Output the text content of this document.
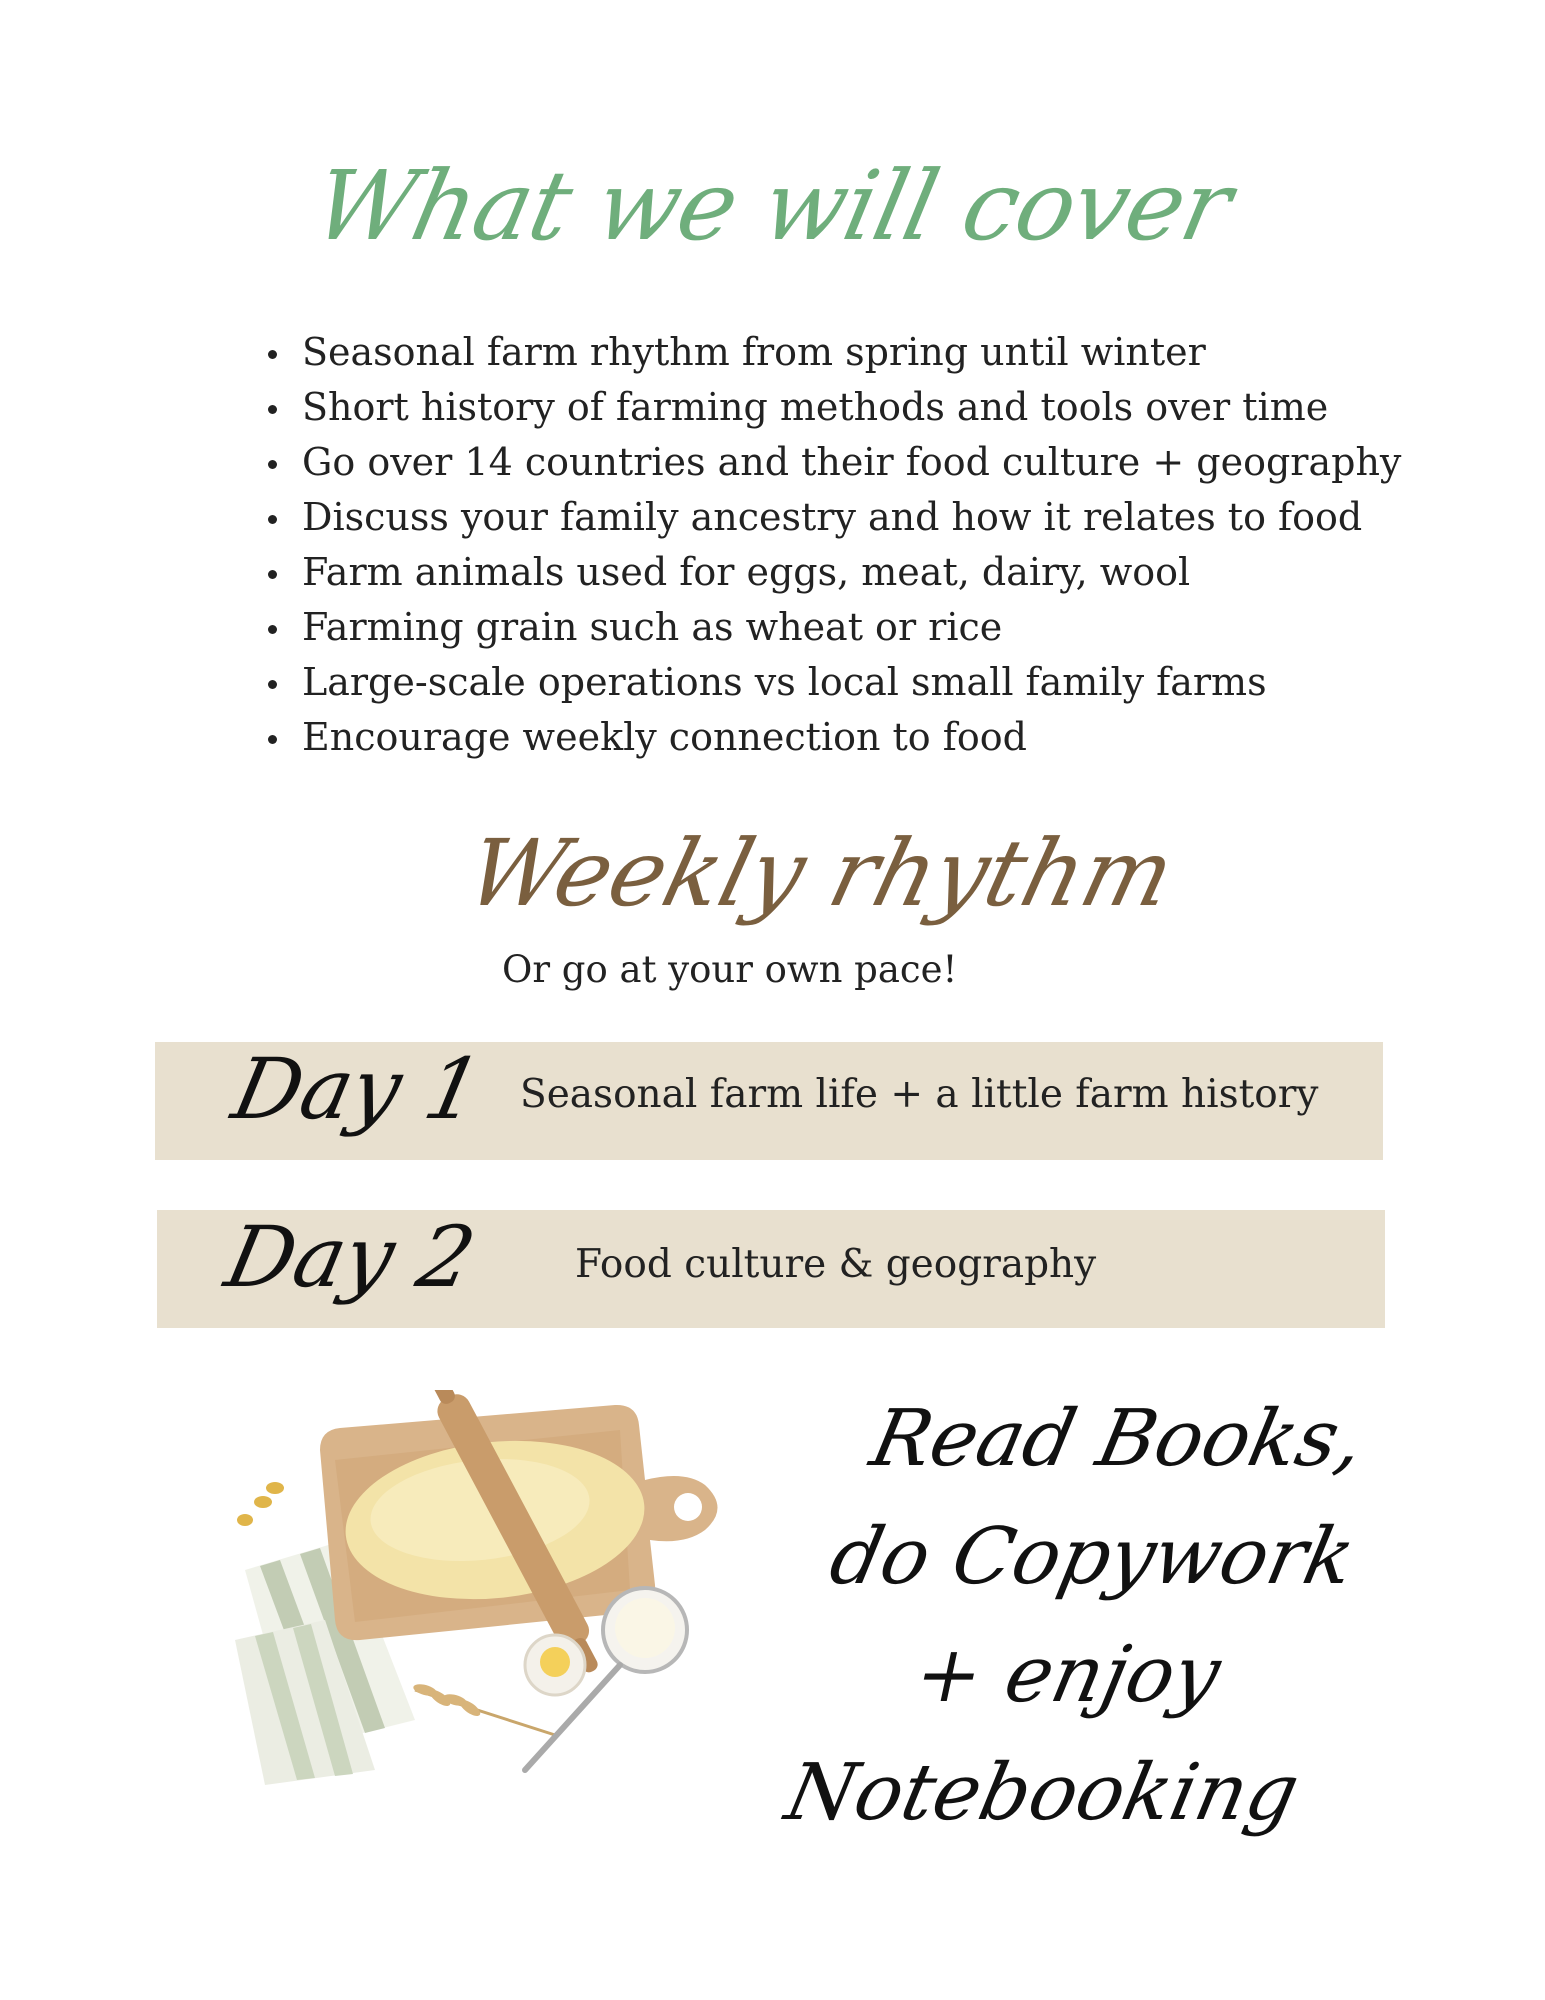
What we will cover
Seasonal farm rhythm from spring until winter
Short history of farming methods and tools over time
Go over 14 countries and their food culture + geography
Discuss your family ancestry and how it relates to food
Farm animals used for eggs, meat, dairy, wool
Farming grain such as wheat or rice
Large-scale operations vs local small family farms
Encourage weekly connection to food
Weekly rhythm
Or go at your own pace!
Day 1 Seasonal farm life + a little farm history
Day 2 Food culture & geography
Read Books,
do Copywork
+ enjoy Notebooking
